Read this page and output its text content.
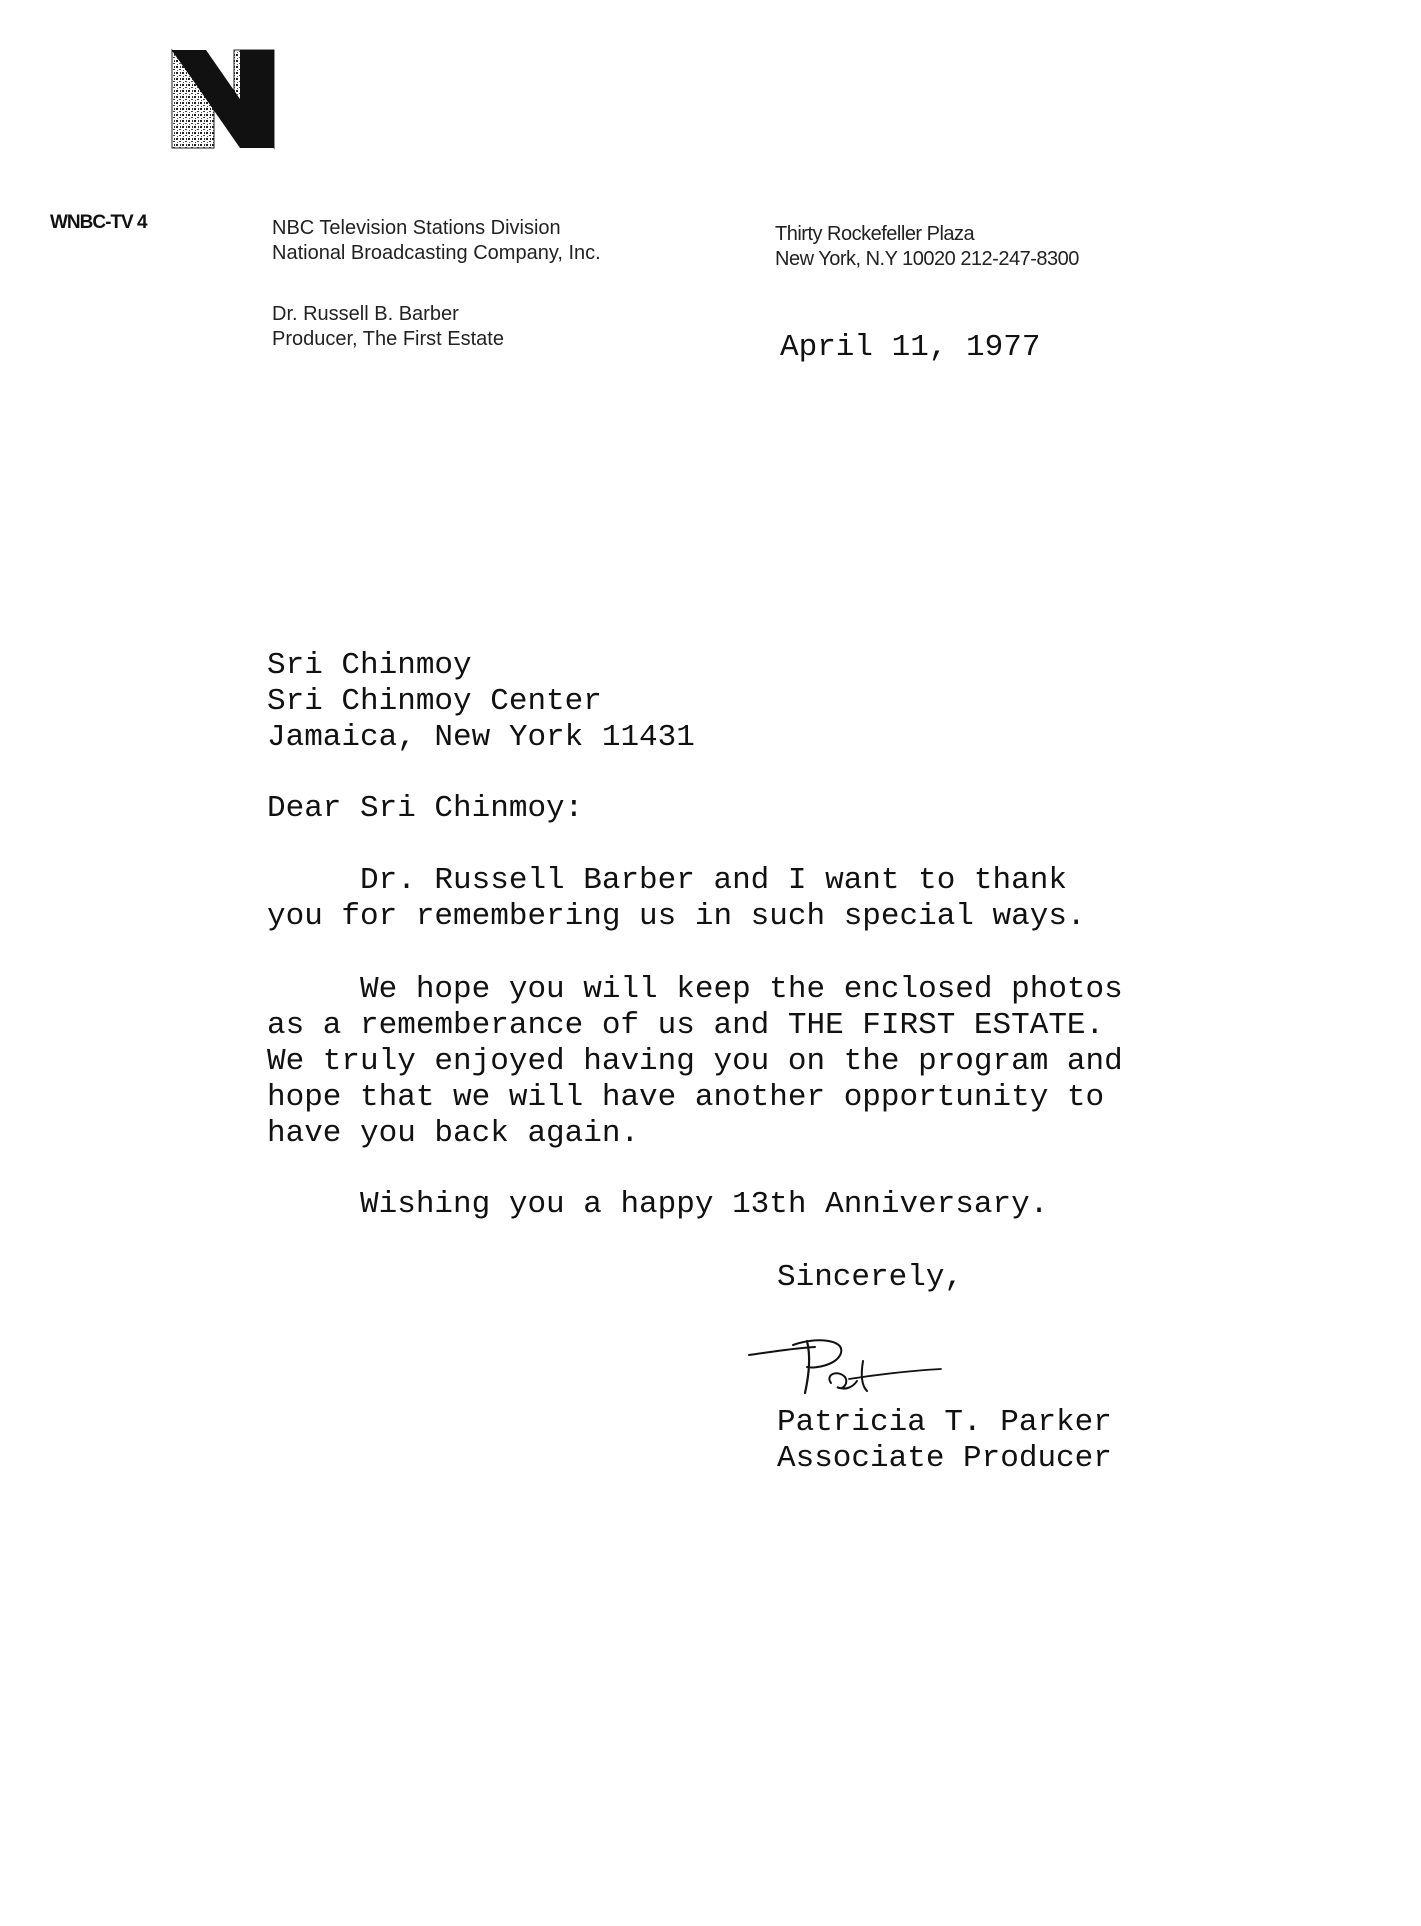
WNBC-TV 4	NBC Television Stations Division
National Broadcasting Company, Inc.
Thirty Rockefeller Plaza
New York, N.Y 10020 212-247-8300
Dr. Russell B. Barber
Producer, The First Estate	April 11, 1977
Sri Chinmoy
Sri Chinmoy Center
Jamaica, New York 11431
Dear Sri Chinmoy:
Dr. Russell Barber and I want to thank
you for remembering us in such special ways.
We hope you will keep the enclosed photos
as a rememberance of us and THE FIRST ESTATE.
We truly enjoyed having you on the program and
hope that we will have another opportunity to
have you back again.
Wishing you a happy 13th Anniversary.
Sincerely,
Patricia T. Parker
Associate Producer
